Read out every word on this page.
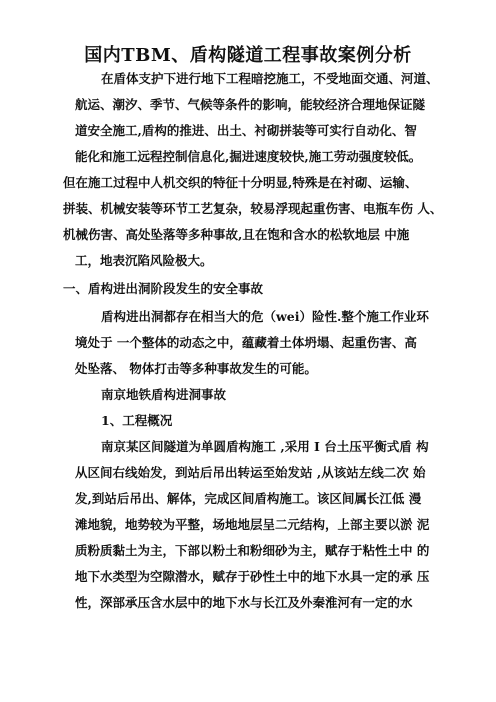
国内TBM、盾构隧道工程事故案例分析
在盾体支护下进行地下工程暗挖施工，不受地面交通、河道、
航运、潮汐、季节、气候等条件的影响，能较经济合理地保证隧
道安全施工,盾构的推进、出土、衬砌拼装等可实行自动化、智
能化和施工远程控制信息化,掘进速度较快,施工劳动强度较低。
但在施工过程中人机交织的特征十分明显,特殊是在衬砌、运输、
拼装、机械安装等环节工艺复杂，较易浮现起重伤害、电瓶车伤 人、
机械伤害、高处坠落等多种事故,且在饱和含水的松软地层 中施
工，地表沉陷风险极大。
一、盾构进出洞阶段发生的安全事故
盾构进出洞都存在相当大的危（wei）险性.整个施工作业环
境处于 一个整体的动态之中，蕴藏着土体坍塌、起重伤害、高
处坠落、 物体打击等多种事故发生的可能。
南京地铁盾构进洞事故
1、工程概况
南京某区间隧道为单圆盾构施工 ,采用 I 台土压平衡式盾 构
从区间右线始发，到站后吊出转运至始发站 ,从该站左线二次 始
发,到站后吊出、解体，完成区间盾构施工。该区间属长江低 漫
滩地貌，地势较为平整，场地地层呈二元结构，上部主要以淤 泥
质粉质黏土为主，下部以粉土和粉细砂为主，赋存于粘性土中 的
地下水类型为空隙潜水，赋存于砂性土中的地下水具一定的承 压
性，深部承压含水层中的地下水与长江及外秦淮河有一定的水
